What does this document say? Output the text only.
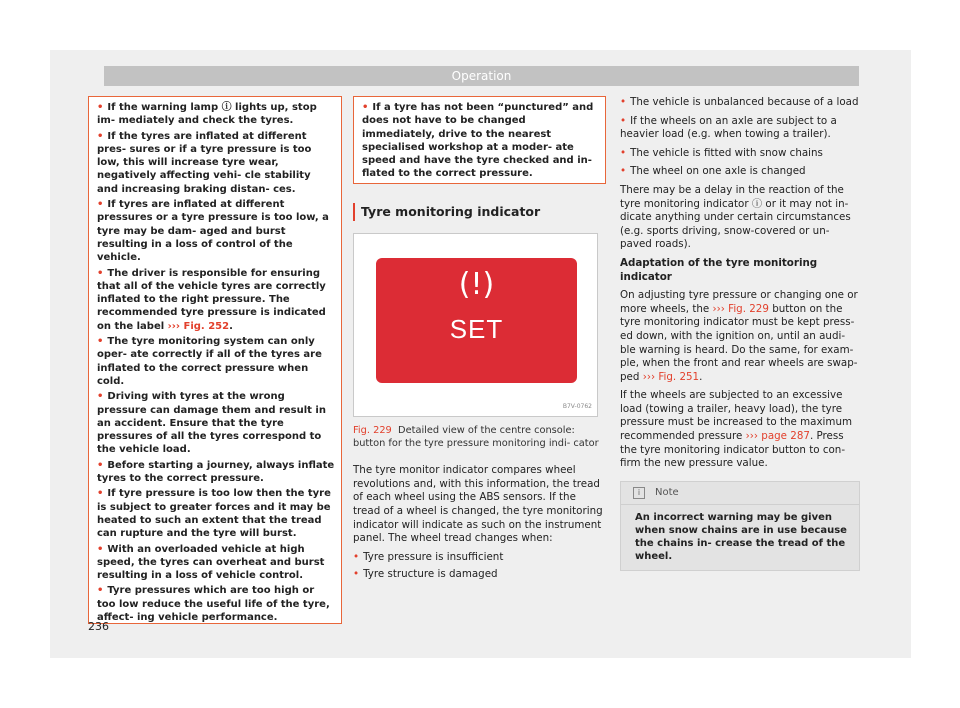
Operation

• If the warning lamp ⓘ lights up, stop im- mediately and check the tyres.

• If the tyres are inflated at different pres- sures or if a tyre pressure is too low, this will increase tyre wear, negatively affecting vehi- cle stability and increasing braking distan- ces.

• If tyres are inflated at different pressures or a tyre pressure is too low, a tyre may be dam- aged and burst resulting in a loss of control of the vehicle.

• The driver is responsible for ensuring that all of the vehicle tyres are correctly inflated to the right pressure. The recommended tyre pressure is indicated on the label ››› Fig. 252.

• The tyre monitoring system can only oper- ate correctly if all of the tyres are inflated to the correct pressure when cold.

• Driving with tyres at the wrong pressure can damage them and result in an accident. Ensure that the tyre pressures of all the tyres correspond to the vehicle load.

• Before starting a journey, always inflate tyres to the correct pressure.

• If tyre pressure is too low then the tyre is subject to greater forces and it may be heated to such an extent that the tread can rupture and the tyre will burst.

• With an overloaded vehicle at high speed, the tyres can overheat and burst resulting in a loss of vehicle control.

• Tyre pressures which are too high or too low reduce the useful life of the tyre, affect- ing vehicle performance.

• If a tyre has not been “punctured” and does not have to be changed immediately, drive to the nearest specialised workshop at a moder- ate speed and have the tyre checked and in- flated to the correct pressure.

Tyre monitoring indicator
(!)
SET
B7V-0762
Fig. 229 Detailed view of the centre console: button for the tyre pressure monitoring indi- cator

The tyre monitor indicator compares wheel revolutions and, with this information, the tread of each wheel using the ABS sensors. If the tread of a wheel is changed, the tyre monitoring indicator will indicate as such on the instrument panel. The wheel tread changes when:

• Tyre pressure is insufficient

• Tyre structure is damaged

• The vehicle is unbalanced because of a load

• If the wheels on an axle are subject to a heavier load (e.g. when towing a trailer).

• The vehicle is fitted with snow chains

• The wheel on one axle is changed

There may be a delay in the reaction of the tyre monitoring indicator ⓘ or it may not in- dicate anything under certain circumstances (e.g. sports driving, snow-covered or un- paved roads).

Adaptation of the tyre monitoring indicator

On adjusting tyre pressure or changing one or more wheels, the ››› Fig. 229 button on the tyre monitoring indicator must be kept press- ed down, with the ignition on, until an audi- ble warning is heard. Do the same, for exam- ple, when the front and rear wheels are swap- ped ››› Fig. 251.

If the wheels are subjected to an excessive load (towing a trailer, heavy load), the tyre pressure must be increased to the maximum recommended pressure ››› page 287. Press the tyre monitoring indicator button to con- firm the new pressure value.

i Note
An incorrect warning may be given when snow chains are in use because the chains in- crease the tread of the wheel.
236
